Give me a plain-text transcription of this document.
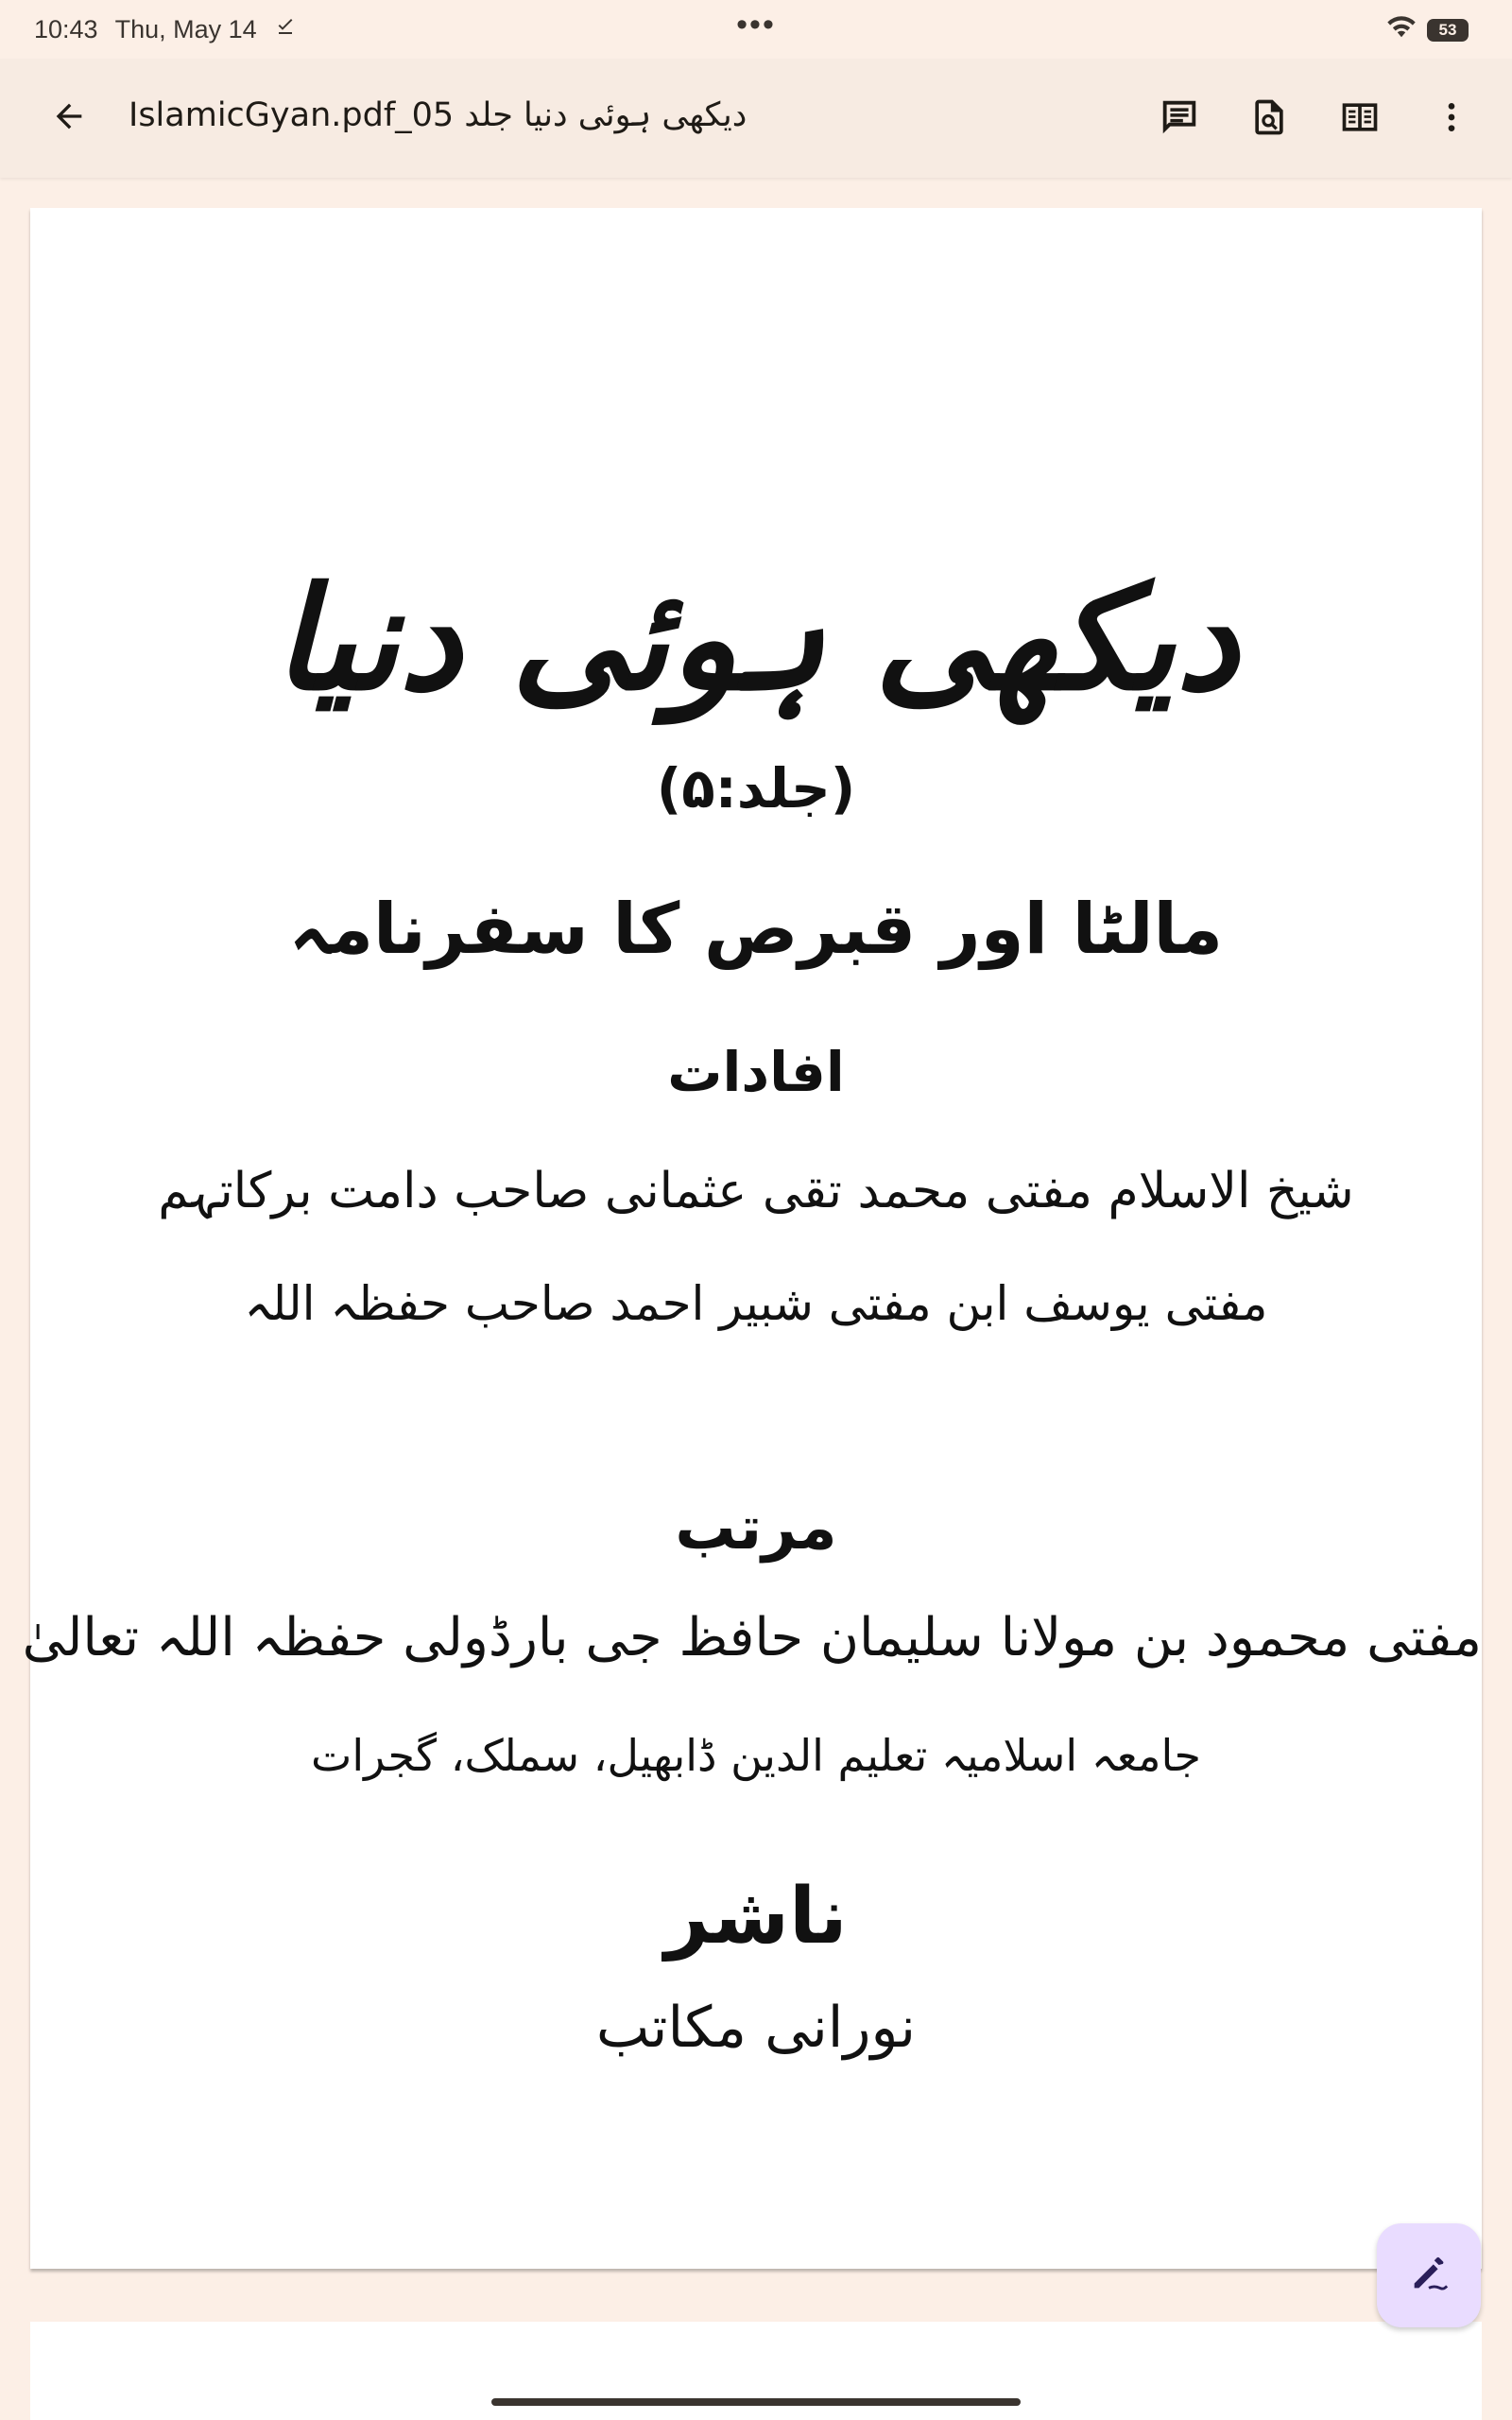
10:43 Thu, May 14	•••	53
IslamicGyan.pdf_05 دیکھی ہوئی دنیا جلد
دیکھی ہوئی دنیا
(جلد:۵)
مالٹا اور قبرص کا سفرنامہ
افادات
شیخ الاسلام مفتی محمد تقی عثمانی صاحب دامت برکاتہم
مفتی یوسف ابن مفتی شبیر احمد صاحب حفظہ اللہ
مرتب
مفتی محمود بن مولانا سلیمان حافظ جی بارڈولی حفظہ اللہ تعالیٰ
جامعہ اسلامیہ تعلیم الدین ڈابھیل، سملک، گجرات
ناشر
نورانی مکاتب
